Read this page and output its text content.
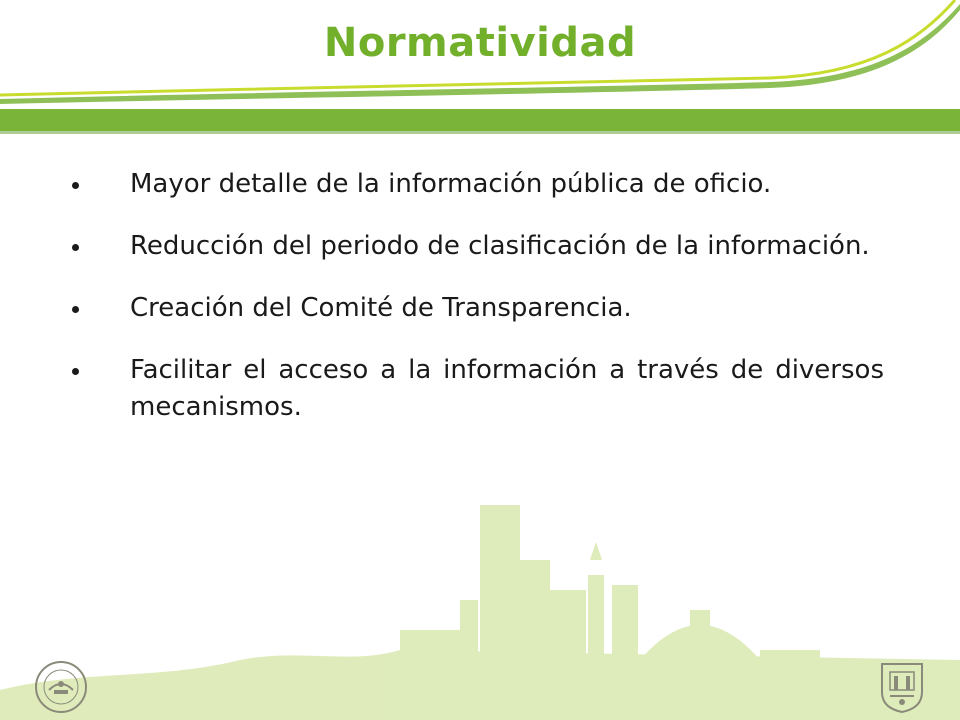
Normatividad
Mayor detalle de la información pública de oficio.
Reducción del periodo de clasificación de la información.
Creación del Comité de Transparencia.
Facilitar el acceso a la información a través de diversos mecanismos.
